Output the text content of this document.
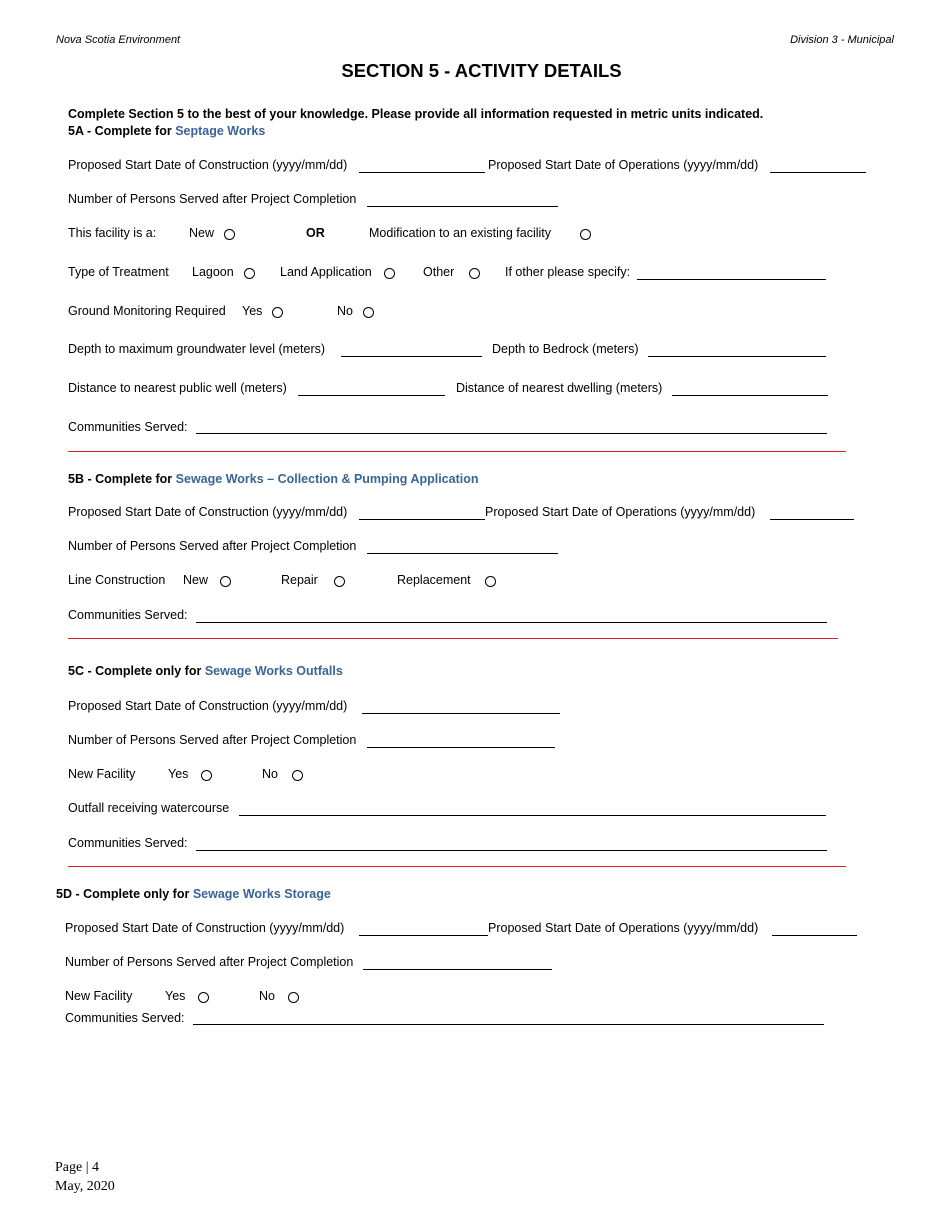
Nova Scotia Environment	Division 3 - Municipal
SECTION 5 - ACTIVITY DETAILS
Complete Section 5 to the best of your knowledge. Please provide all information requested in metric units indicated.
5A - Complete for Septage Works
Proposed Start Date of Construction (yyyy/mm/dd)	Proposed Start Date of Operations (yyyy/mm/dd)
Number of Persons Served after Project Completion
This facility is a:	New	OR	Modification to an existing facility
Type of Treatment Lagoon	Land Application	Other	If other please specify:
Ground Monitoring Required Yes	No
Depth to maximum groundwater level (meters)	Depth to Bedrock (meters)
Distance to nearest public well (meters)	Distance of nearest dwelling (meters)
Communities Served:
5B - Complete for Sewage Works – Collection & Pumping Application
Proposed Start Date of Construction (yyyy/mm/dd)	Proposed Start Date of Operations (yyyy/mm/dd)
Number of Persons Served after Project Completion
Line Construction New	Repair	Replacement
Communities Served:
5C - Complete only for Sewage Works Outfalls
Proposed Start Date of Construction (yyyy/mm/dd)
Number of Persons Served after Project Completion
New Facility	Yes	No
Outfall receiving watercourse
Communities Served:
5D - Complete only for Sewage Works Storage
Proposed Start Date of Construction (yyyy/mm/dd)	Proposed Start Date of Operations (yyyy/mm/dd)
Number of Persons Served after Project Completion
New Facility	Yes	No
Communities Served:
Page | 4
May, 2020
